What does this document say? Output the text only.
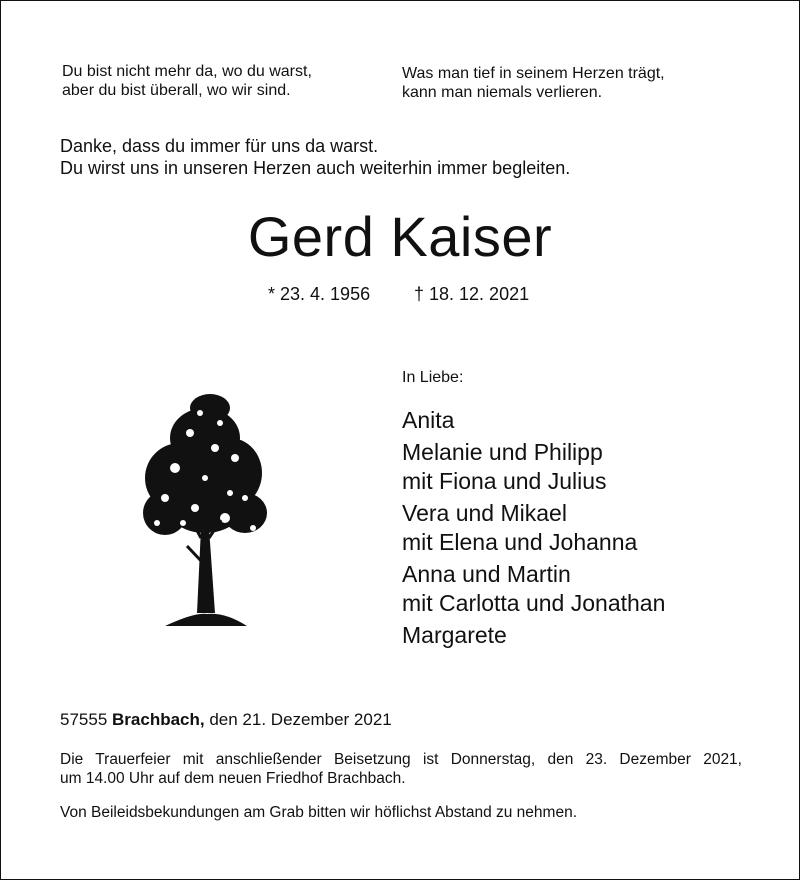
Du bist nicht mehr da, wo du warst,
aber du bist überall, wo wir sind.
Was man tief in seinem Herzen trägt,
kann man niemals verlieren.
Danke, dass du immer für uns da warst.
Du wirst uns in unseren Herzen auch weiterhin immer begleiten.
Gerd Kaiser
* 23. 4. 1956 † 18. 12. 2021
In Liebe:
Anita
Melanie und Philipp
mit Fiona und Julius
Vera und Mikael
mit Elena und Johanna
Anna und Martin
mit Carlotta und Jonathan
Margarete
57555 Brachbach, den 21. Dezember 2021
Die Trauerfeier mit anschließender Beisetzung ist Donnerstag, den 23. Dezember 2021,
um 14.00 Uhr auf dem neuen Friedhof Brachbach.
Von Beileidsbekundungen am Grab bitten wir höflichst Abstand zu nehmen.
